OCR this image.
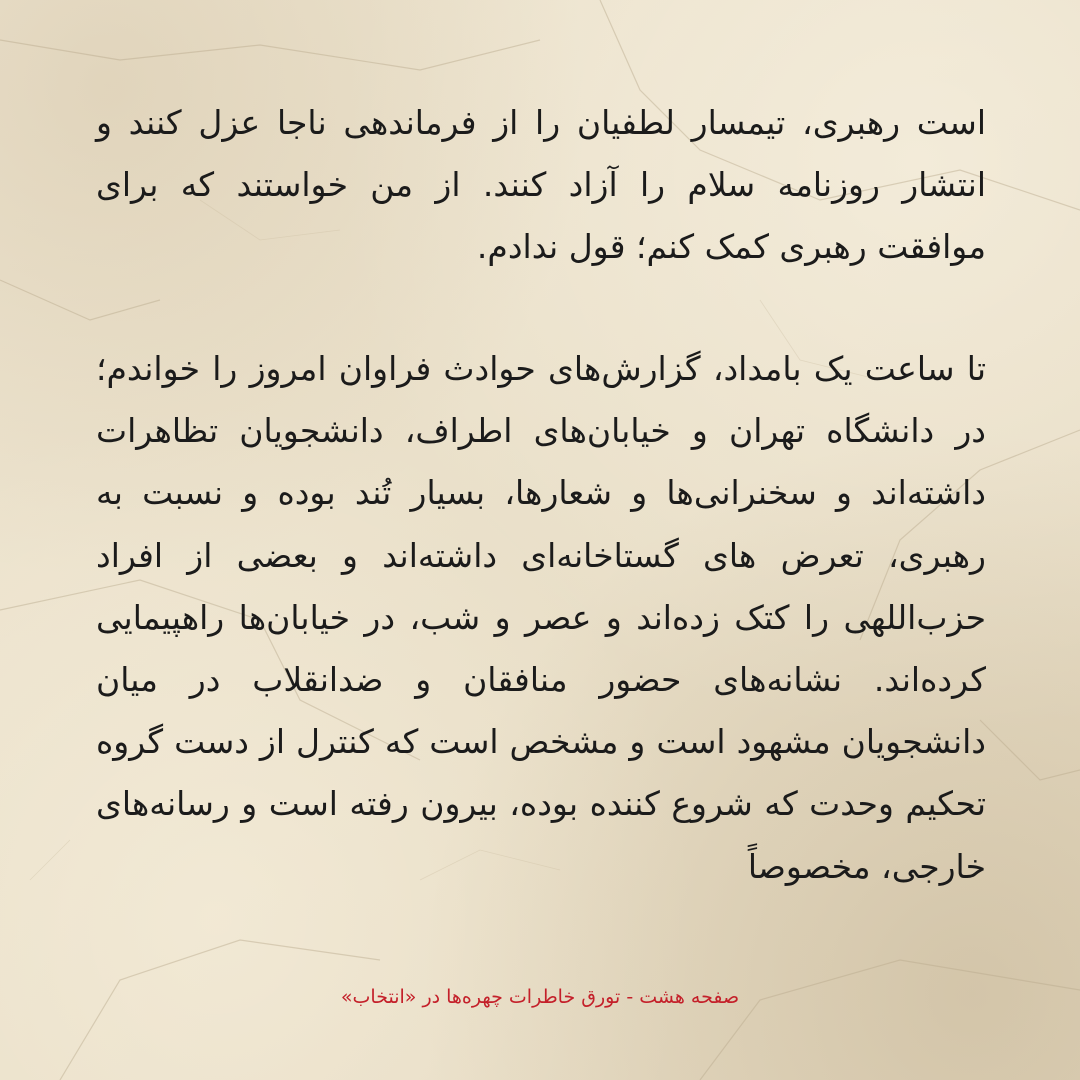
است رهبری، تیمسار لطفیان را از فرماندهی ناجا عزل کنند و انتشار روزنامه سلام را آزاد کنند. از من خواستند که برای موافقت رهبری کمک کنم؛ قول ندادم.

تا ساعت یک بامداد، گزارش‌های حوادث فراوان امروز را خواندم؛ در دانشگاه تهران و خیابان‌های اطراف، دانشجویان تظاهرات داشته‌اند و سخنرانی‌ها و شعارها، بسیار تُند بوده و نسبت به رهبری، تعرض های گستاخانه‌ای داشته‌اند و بعضی از افراد حزب‌اللهی را کتک زده‌اند و عصر و شب، در خیابان‌ها راهپیمایی کرده‌اند. نشانه‌های حضور منافقان و ضدانقلاب در میان دانشجویان مشهود است و مشخص است که کنترل از دست گروه تحکیم وحدت که شروع کننده بوده، بیرون رفته است و رسانه‌های خارجی، مخصوصاً

صفحه هشت - تورق خاطرات چهره‌ها در «انتخاب»
